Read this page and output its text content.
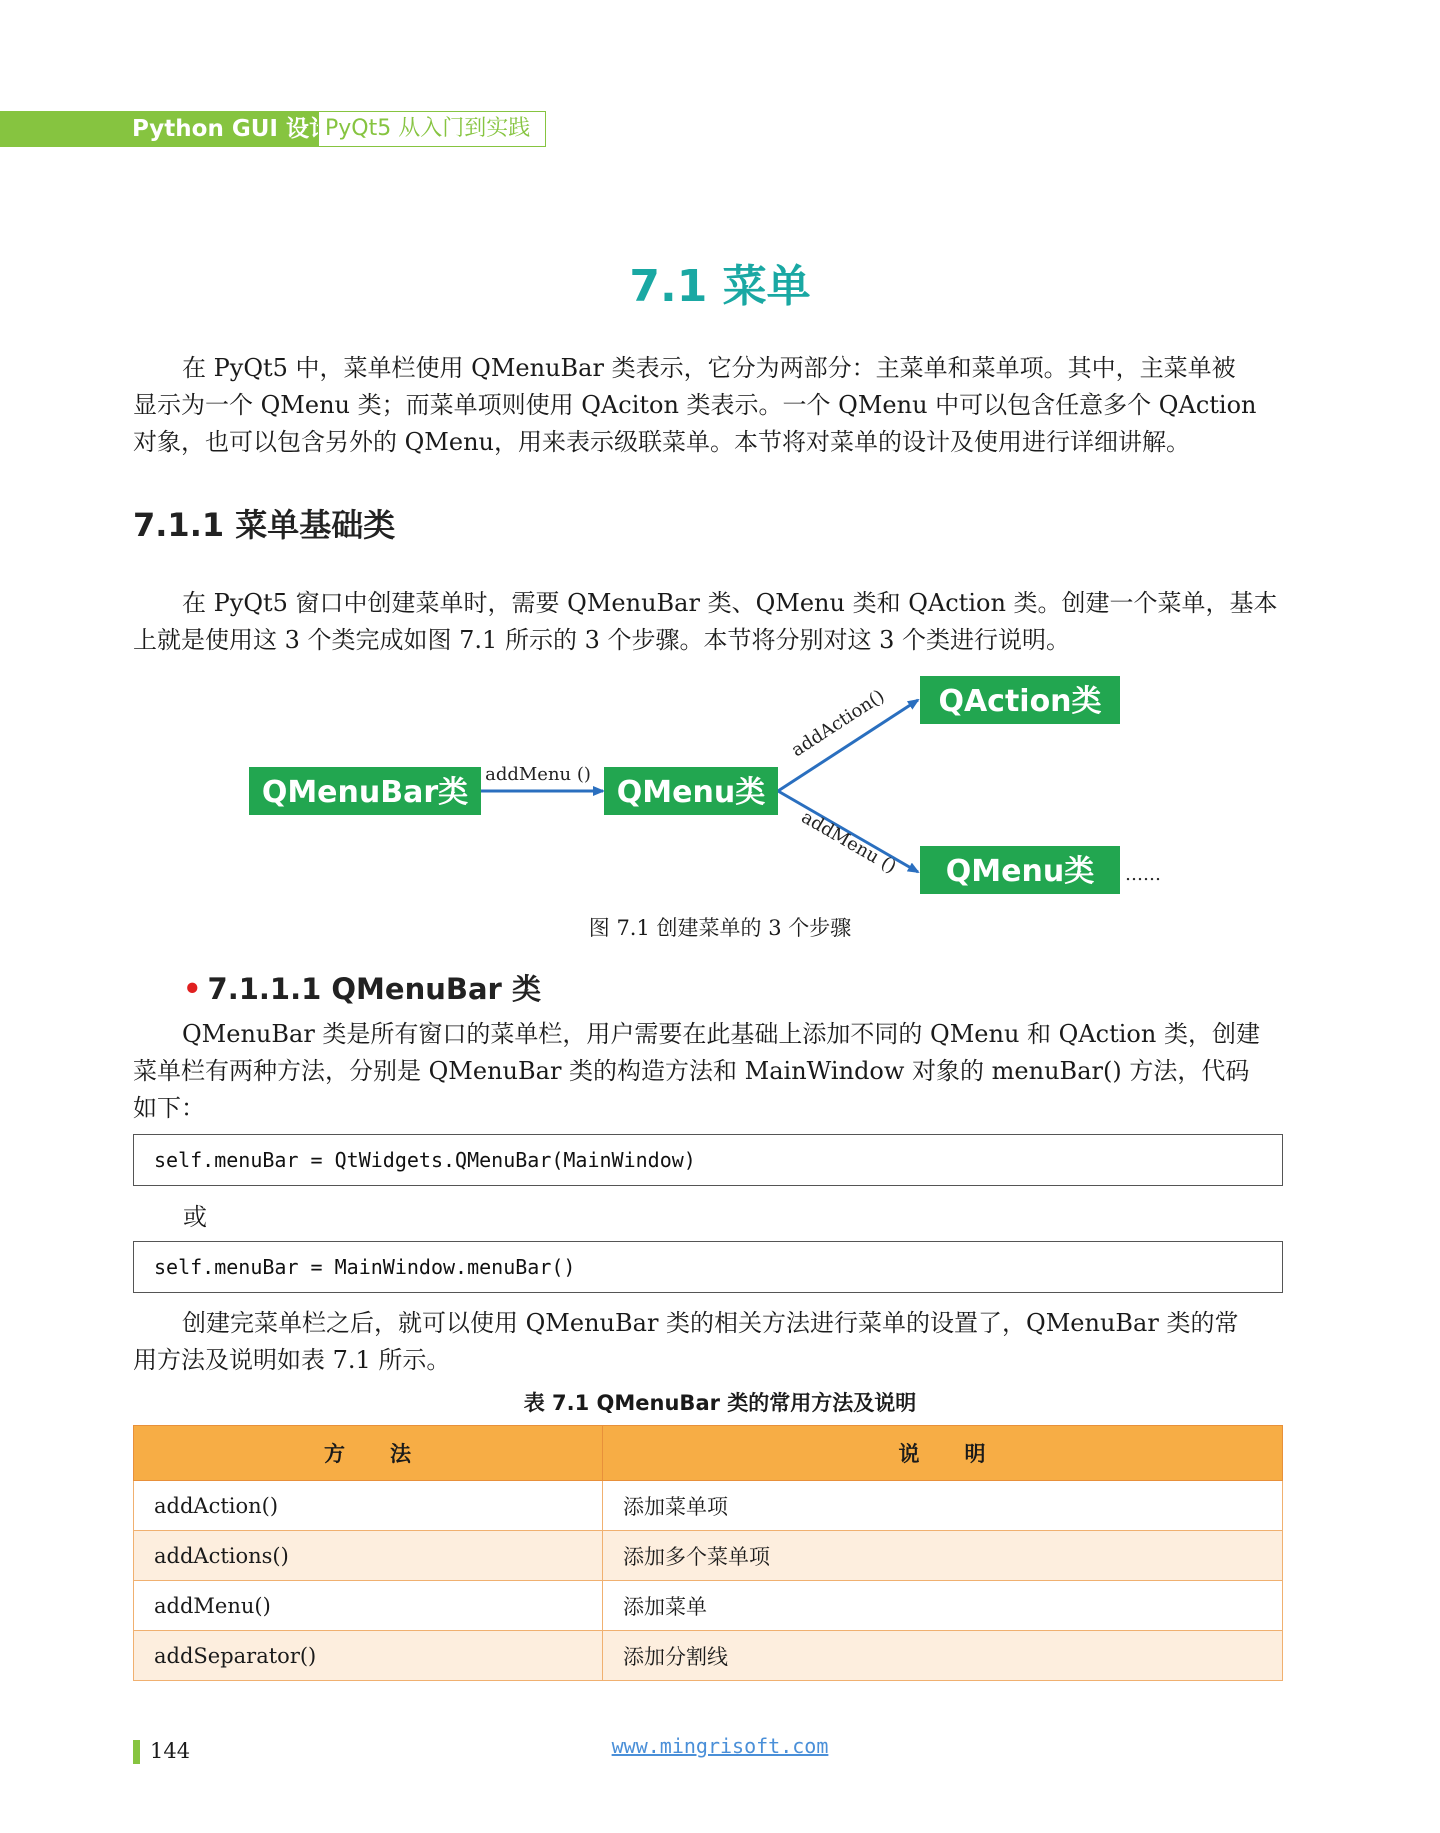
Python GUI 设计
PyQt5 从入门到实践
7.1 菜单
在 PyQt5 中，菜单栏使用 QMenuBar 类表示，它分为两部分：主菜单和菜单项。其中，主菜单被
显示为一个 QMenu 类；而菜单项则使用 QAciton 类表示。一个 QMenu 中可以包含任意多个 QAction
对象，也可以包含另外的 QMenu，用来表示级联菜单。本节将对菜单的设计及使用进行详细讲解。
7.1.1 菜单基础类
在 PyQt5 窗口中创建菜单时，需要 QMenuBar 类、QMenu 类和 QAction 类。创建一个菜单，基本
上就是使用这 3 个类完成如图 7.1 所示的 3 个步骤。本节将分别对这 3 个类进行说明。
QMenuBar类	QMenu类
QAction类
QMenu类
addMenu ()
addAction()
addMenu ()	……
图 7.1 创建菜单的 3 个步骤
• 7.1.1.1 QMenuBar 类
QMenuBar 类是所有窗口的菜单栏，用户需要在此基础上添加不同的 QMenu 和 QAction 类，创建
菜单栏有两种方法，分别是 QMenuBar 类的构造方法和 MainWindow 对象的 menuBar() 方法，代码
如下：
self.menuBar = QtWidgets.QMenuBar(MainWindow)
或
self.menuBar = MainWindow.menuBar()
创建完菜单栏之后，就可以使用 QMenuBar 类的相关方法进行菜单的设置了，QMenuBar 类的常
用方法及说明如表 7.1 所示。
表 7.1 QMenuBar 类的常用方法及说明
方　　法	说　　明
addAction()	添加菜单项
addActions()	添加多个菜单项
addMenu()	添加菜单
addSeparator()	添加分割线
144	www.mingrisoft.com
